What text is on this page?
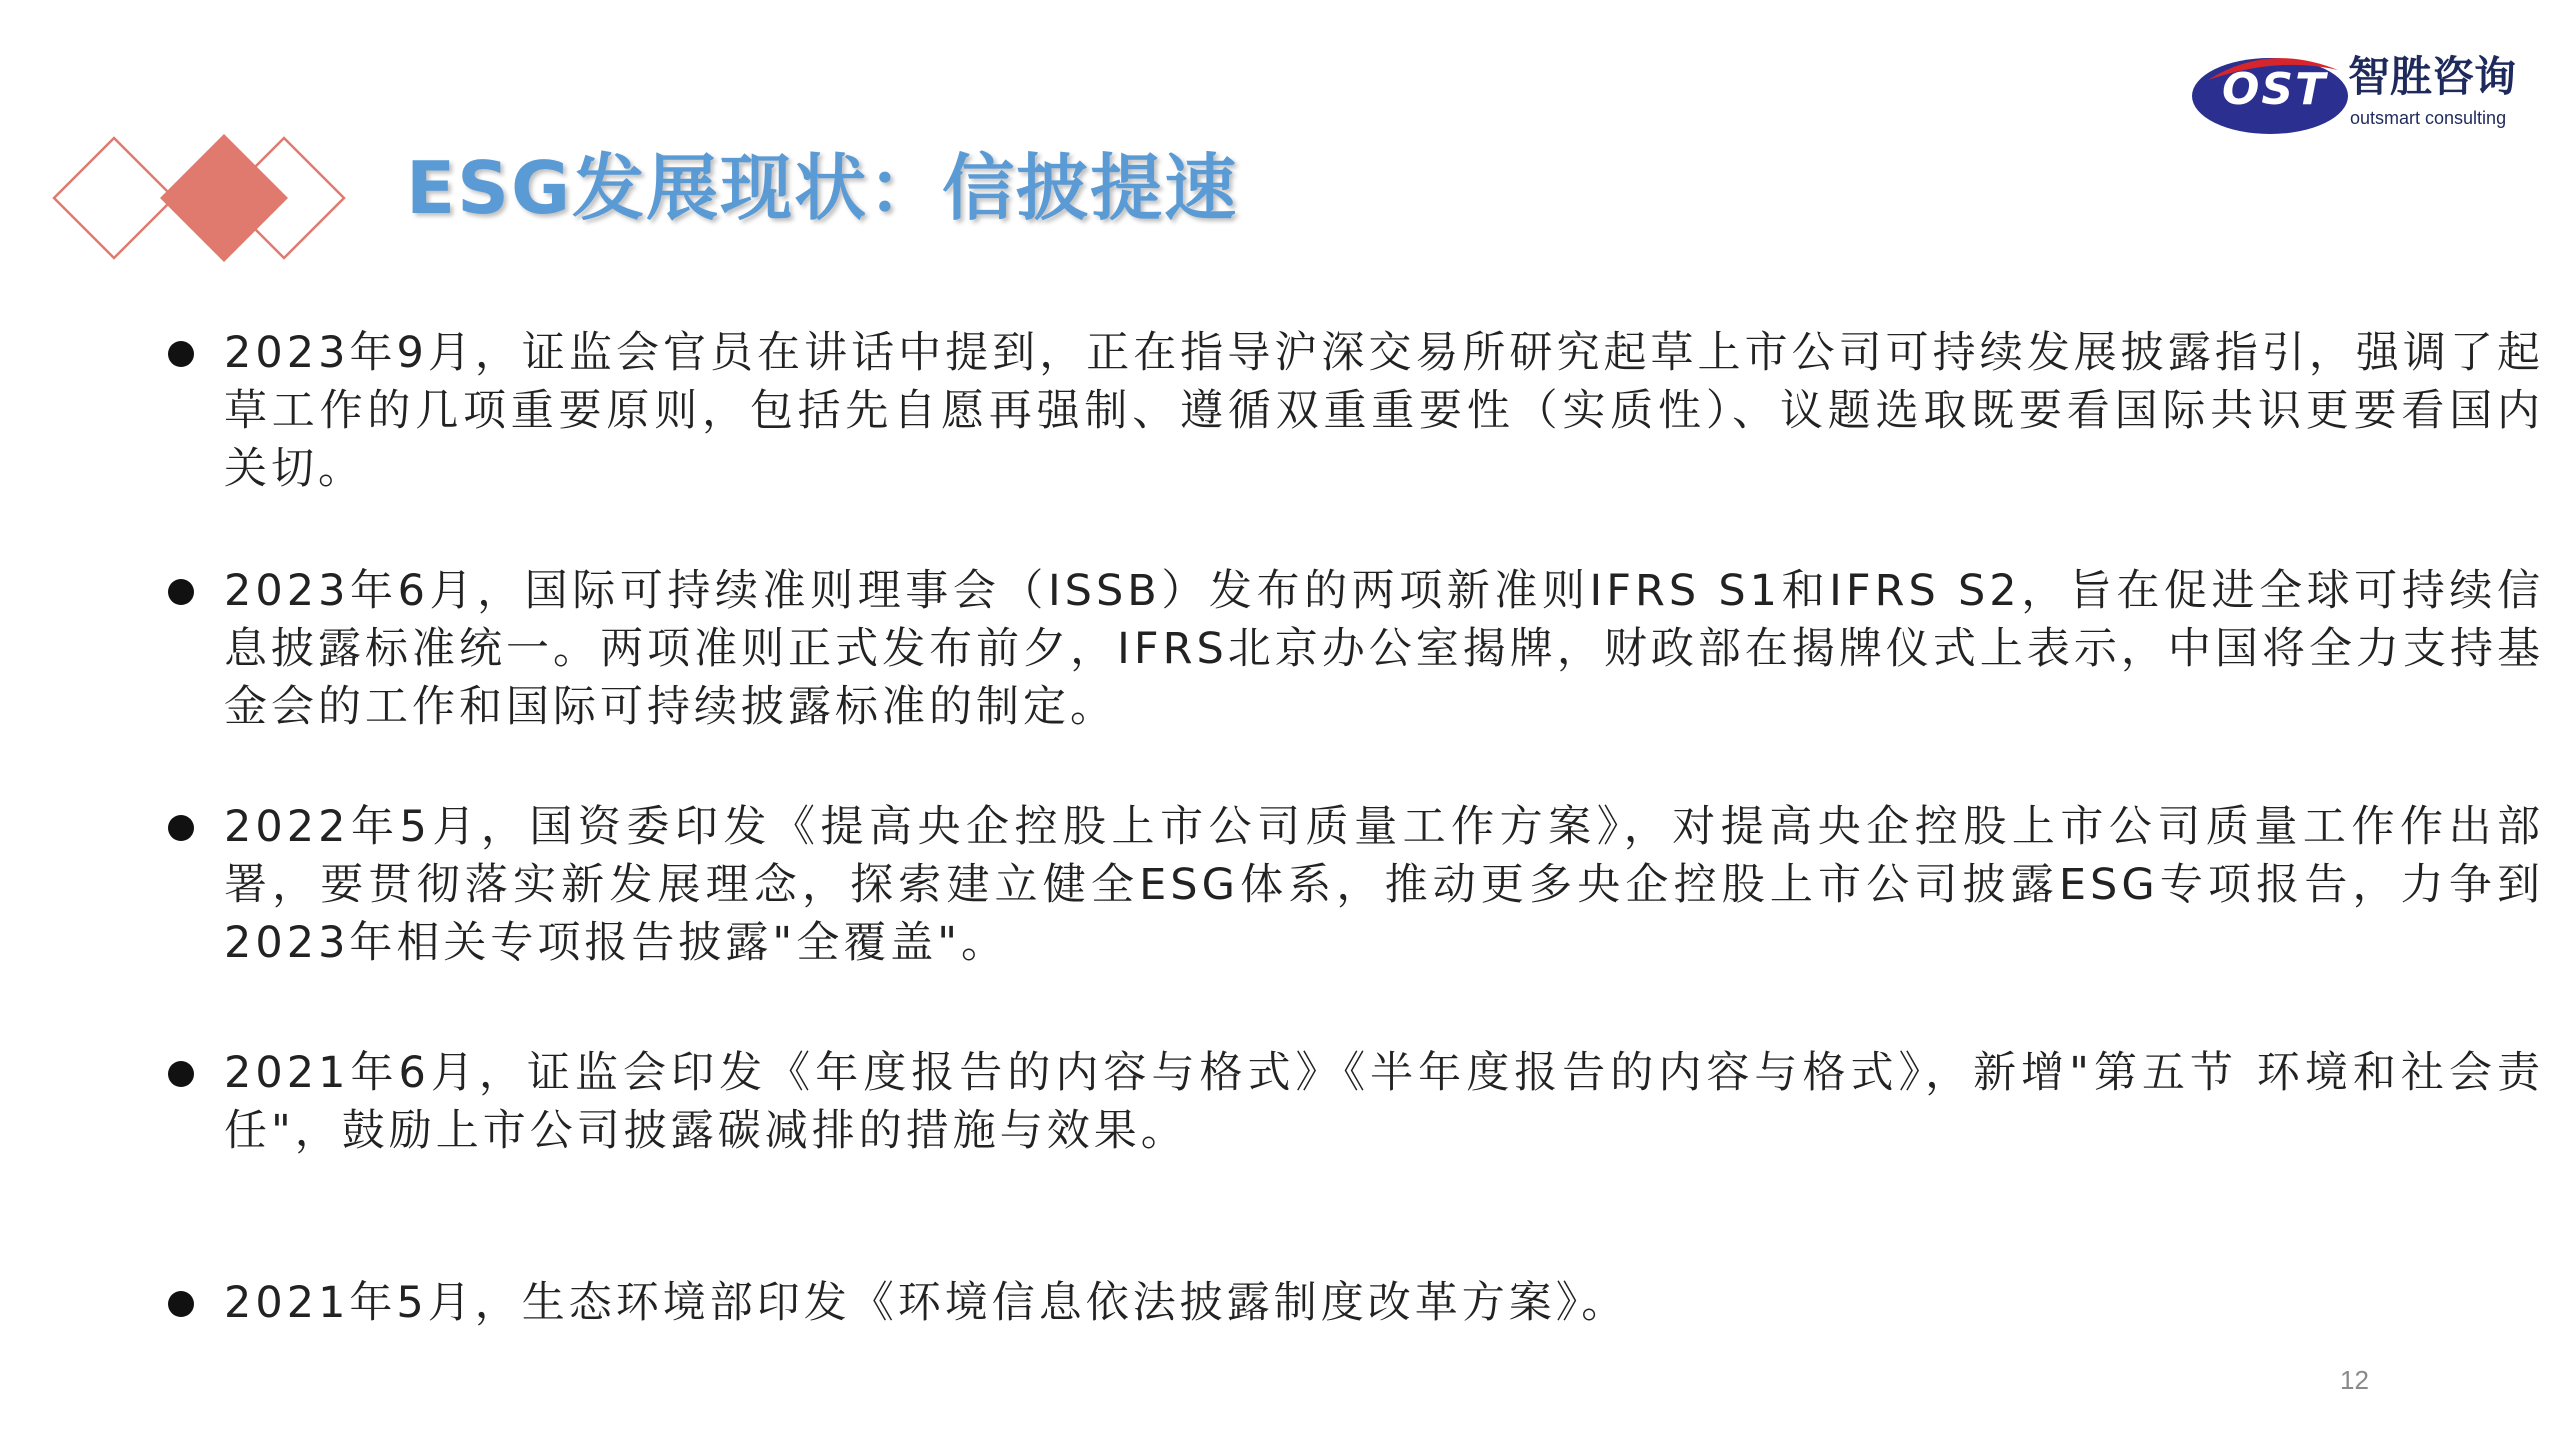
ESG发展现状：信披提速
OST 智胜咨询
outsmart consulting
2023年9月，证监会官员在讲话中提到，正在指导沪深交易所研究起草上市公司可持续发展披露指引，强调了起草工作的几项重要原则，包括先自愿再强制、遵循双重重要性（实质性）、议题选取既要看国际共识更要看国内关切。
2023年6月，国际可持续准则理事会（ISSB）发布的两项新准则IFRS S1和IFRS S2，旨在促进全球可持续信息披露标准统一。两项准则正式发布前夕，IFRS北京办公室揭牌，财政部在揭牌仪式上表示，中国将全力支持基金会的工作和国际可持续披露标准的制定。
2022年5月，国资委印发《提高央企控股上市公司质量工作方案》，对提高央企控股上市公司质量工作作出部署，要贯彻落实新发展理念，探索建立健全ESG体系，推动更多央企控股上市公司披露ESG专项报告，力争到2023年相关专项报告披露"全覆盖"。
2021年6月，证监会印发《年度报告的内容与格式》《半年度报告的内容与格式》，新增"第五节 环境和社会责任"，鼓励上市公司披露碳减排的措施与效果。
2021年5月，生态环境部印发《环境信息依法披露制度改革方案》。
12
